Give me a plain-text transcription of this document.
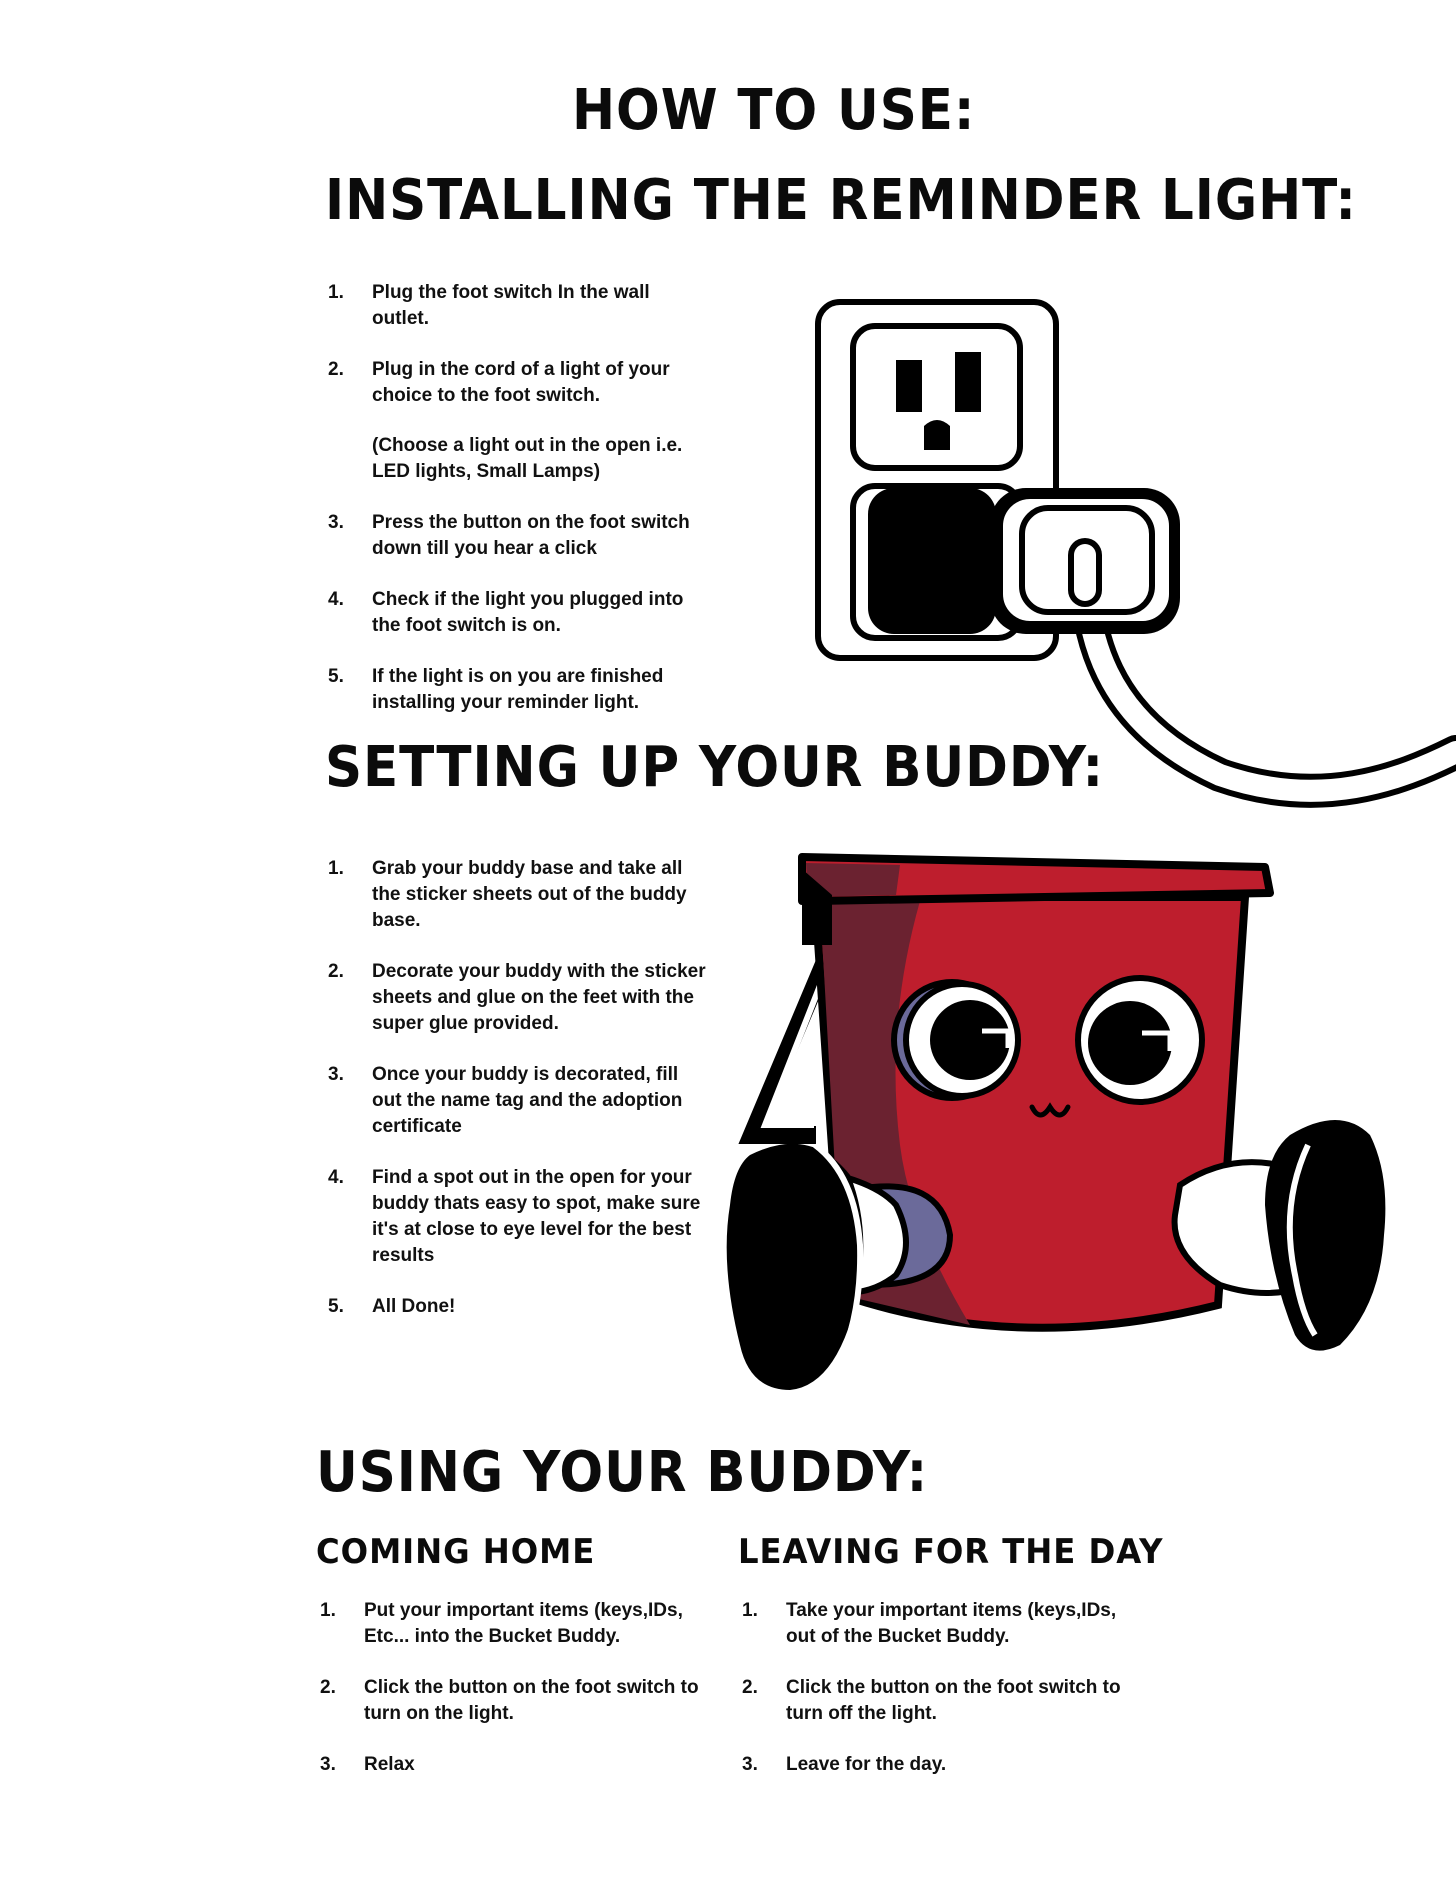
HOW TO USE:
INSTALLING THE REMINDER LIGHT:
1. Plug the foot switch In the wall outlet.
2. Plug in the cord of a light of your choice to the foot switch.
(Choose a light out in the open i.e. LED lights, Small Lamps)
3. Press the button on the foot switch down till you hear a click
4. Check if the light you plugged into the foot switch is on.
5. If the light is on you are finished installing your reminder light.
SETTING UP YOUR BUDDY:
1. Grab your buddy base and take all the sticker sheets out of the buddy base.
2. Decorate your buddy with the sticker sheets and glue on the feet with the super glue provided.
3. Once your buddy is decorated, fill out the name tag and the adoption certificate
4. Find a spot out in the open for your buddy thats easy to spot, make sure it's at close to eye level for the best results
5. All Done!
USING YOUR BUDDY:
COMING HOME
1. Put your important items (keys,IDs, Etc... into the Bucket Buddy.
2. Click the button on the foot switch to turn on the light.
3. Relax
LEAVING FOR THE DAY
1. Take your important items (keys,IDs, out of the Bucket Buddy.
2. Click the button on the foot switch to turn off the light.
3. Leave for the day.
